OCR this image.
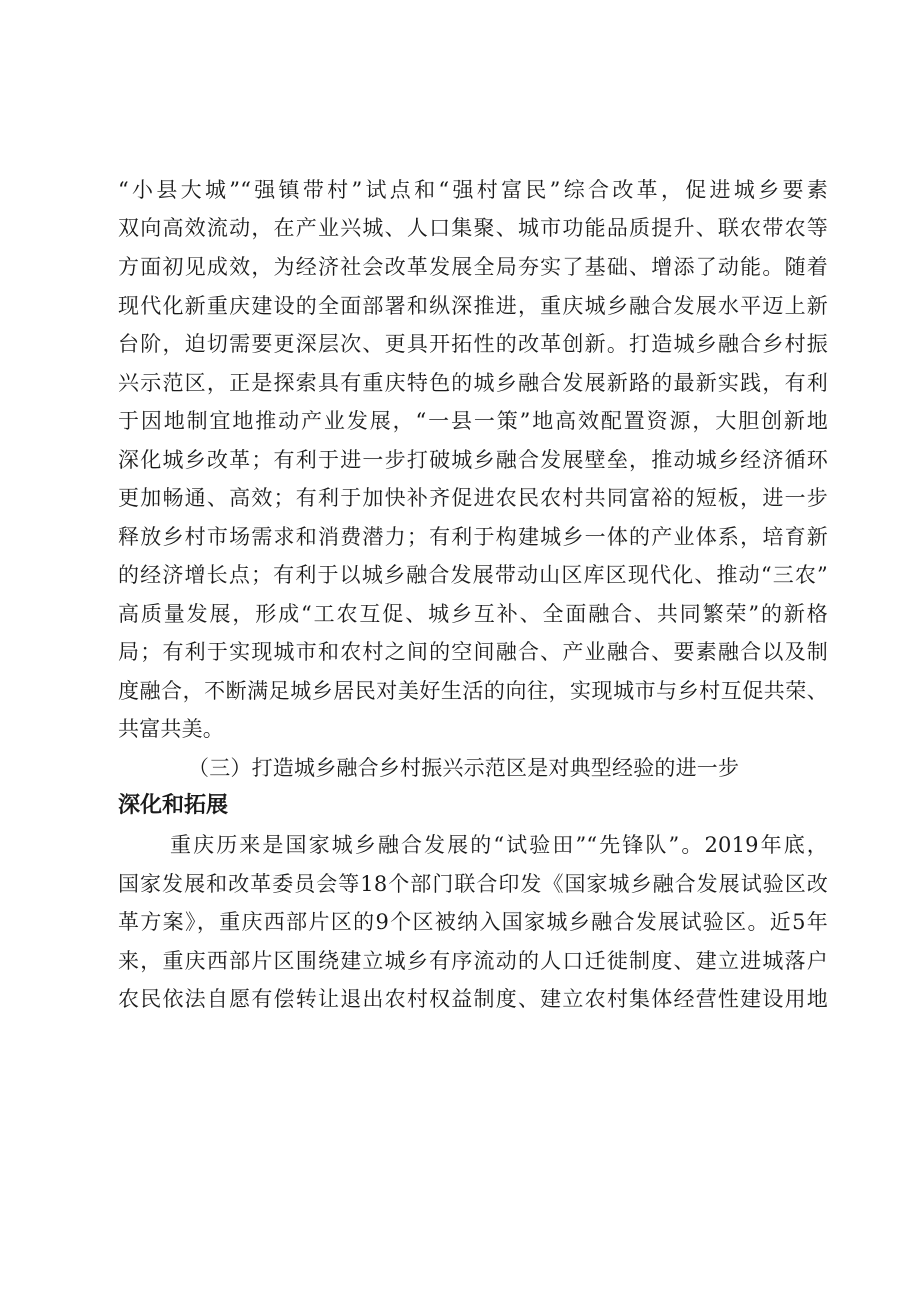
“小县大城”“强镇带村”试点和“强村富民”综合改革，促进城乡要素
双向高效流动，在产业兴城、人口集聚、城市功能品质提升、联农带农等
方面初见成效，为经济社会改革发展全局夯实了基础、增添了动能。随着
现代化新重庆建设的全面部署和纵深推进，重庆城乡融合发展水平迈上新
台阶，迫切需要更深层次、更具开拓性的改革创新。打造城乡融合乡村振
兴示范区，正是探索具有重庆特色的城乡融合发展新路的最新实践，有利
于因地制宜地推动产业发展，“一县一策”地高效配置资源，大胆创新地
深化城乡改革；有利于进一步打破城乡融合发展壁垒，推动城乡经济循环
更加畅通、高效；有利于加快补齐促进农民农村共同富裕的短板，进一步
释放乡村市场需求和消费潜力；有利于构建城乡一体的产业体系，培育新
的经济增长点；有利于以城乡融合发展带动山区库区现代化、推动“三农”
高质量发展，形成“工农互促、城乡互补、全面融合、共同繁荣”的新格
局；有利于实现城市和农村之间的空间融合、产业融合、要素融合以及制
度融合，不断满足城乡居民对美好生活的向往，实现城市与乡村互促共荣、
共富共美。
（三）打造城乡融合乡村振兴示范区是对典型经验的进一步
深化和拓展
重庆历来是国家城乡融合发展的“试验田”“先锋队”。2019年底，
国家发展和改革委员会等18个部门联合印发《国家城乡融合发展试验区改
革方案》，重庆西部片区的9个区被纳入国家城乡融合发展试验区。近5年
来，重庆西部片区围绕建立城乡有序流动的人口迁徙制度、建立进城落户
农民依法自愿有偿转让退出农村权益制度、建立农村集体经营性建设用地
